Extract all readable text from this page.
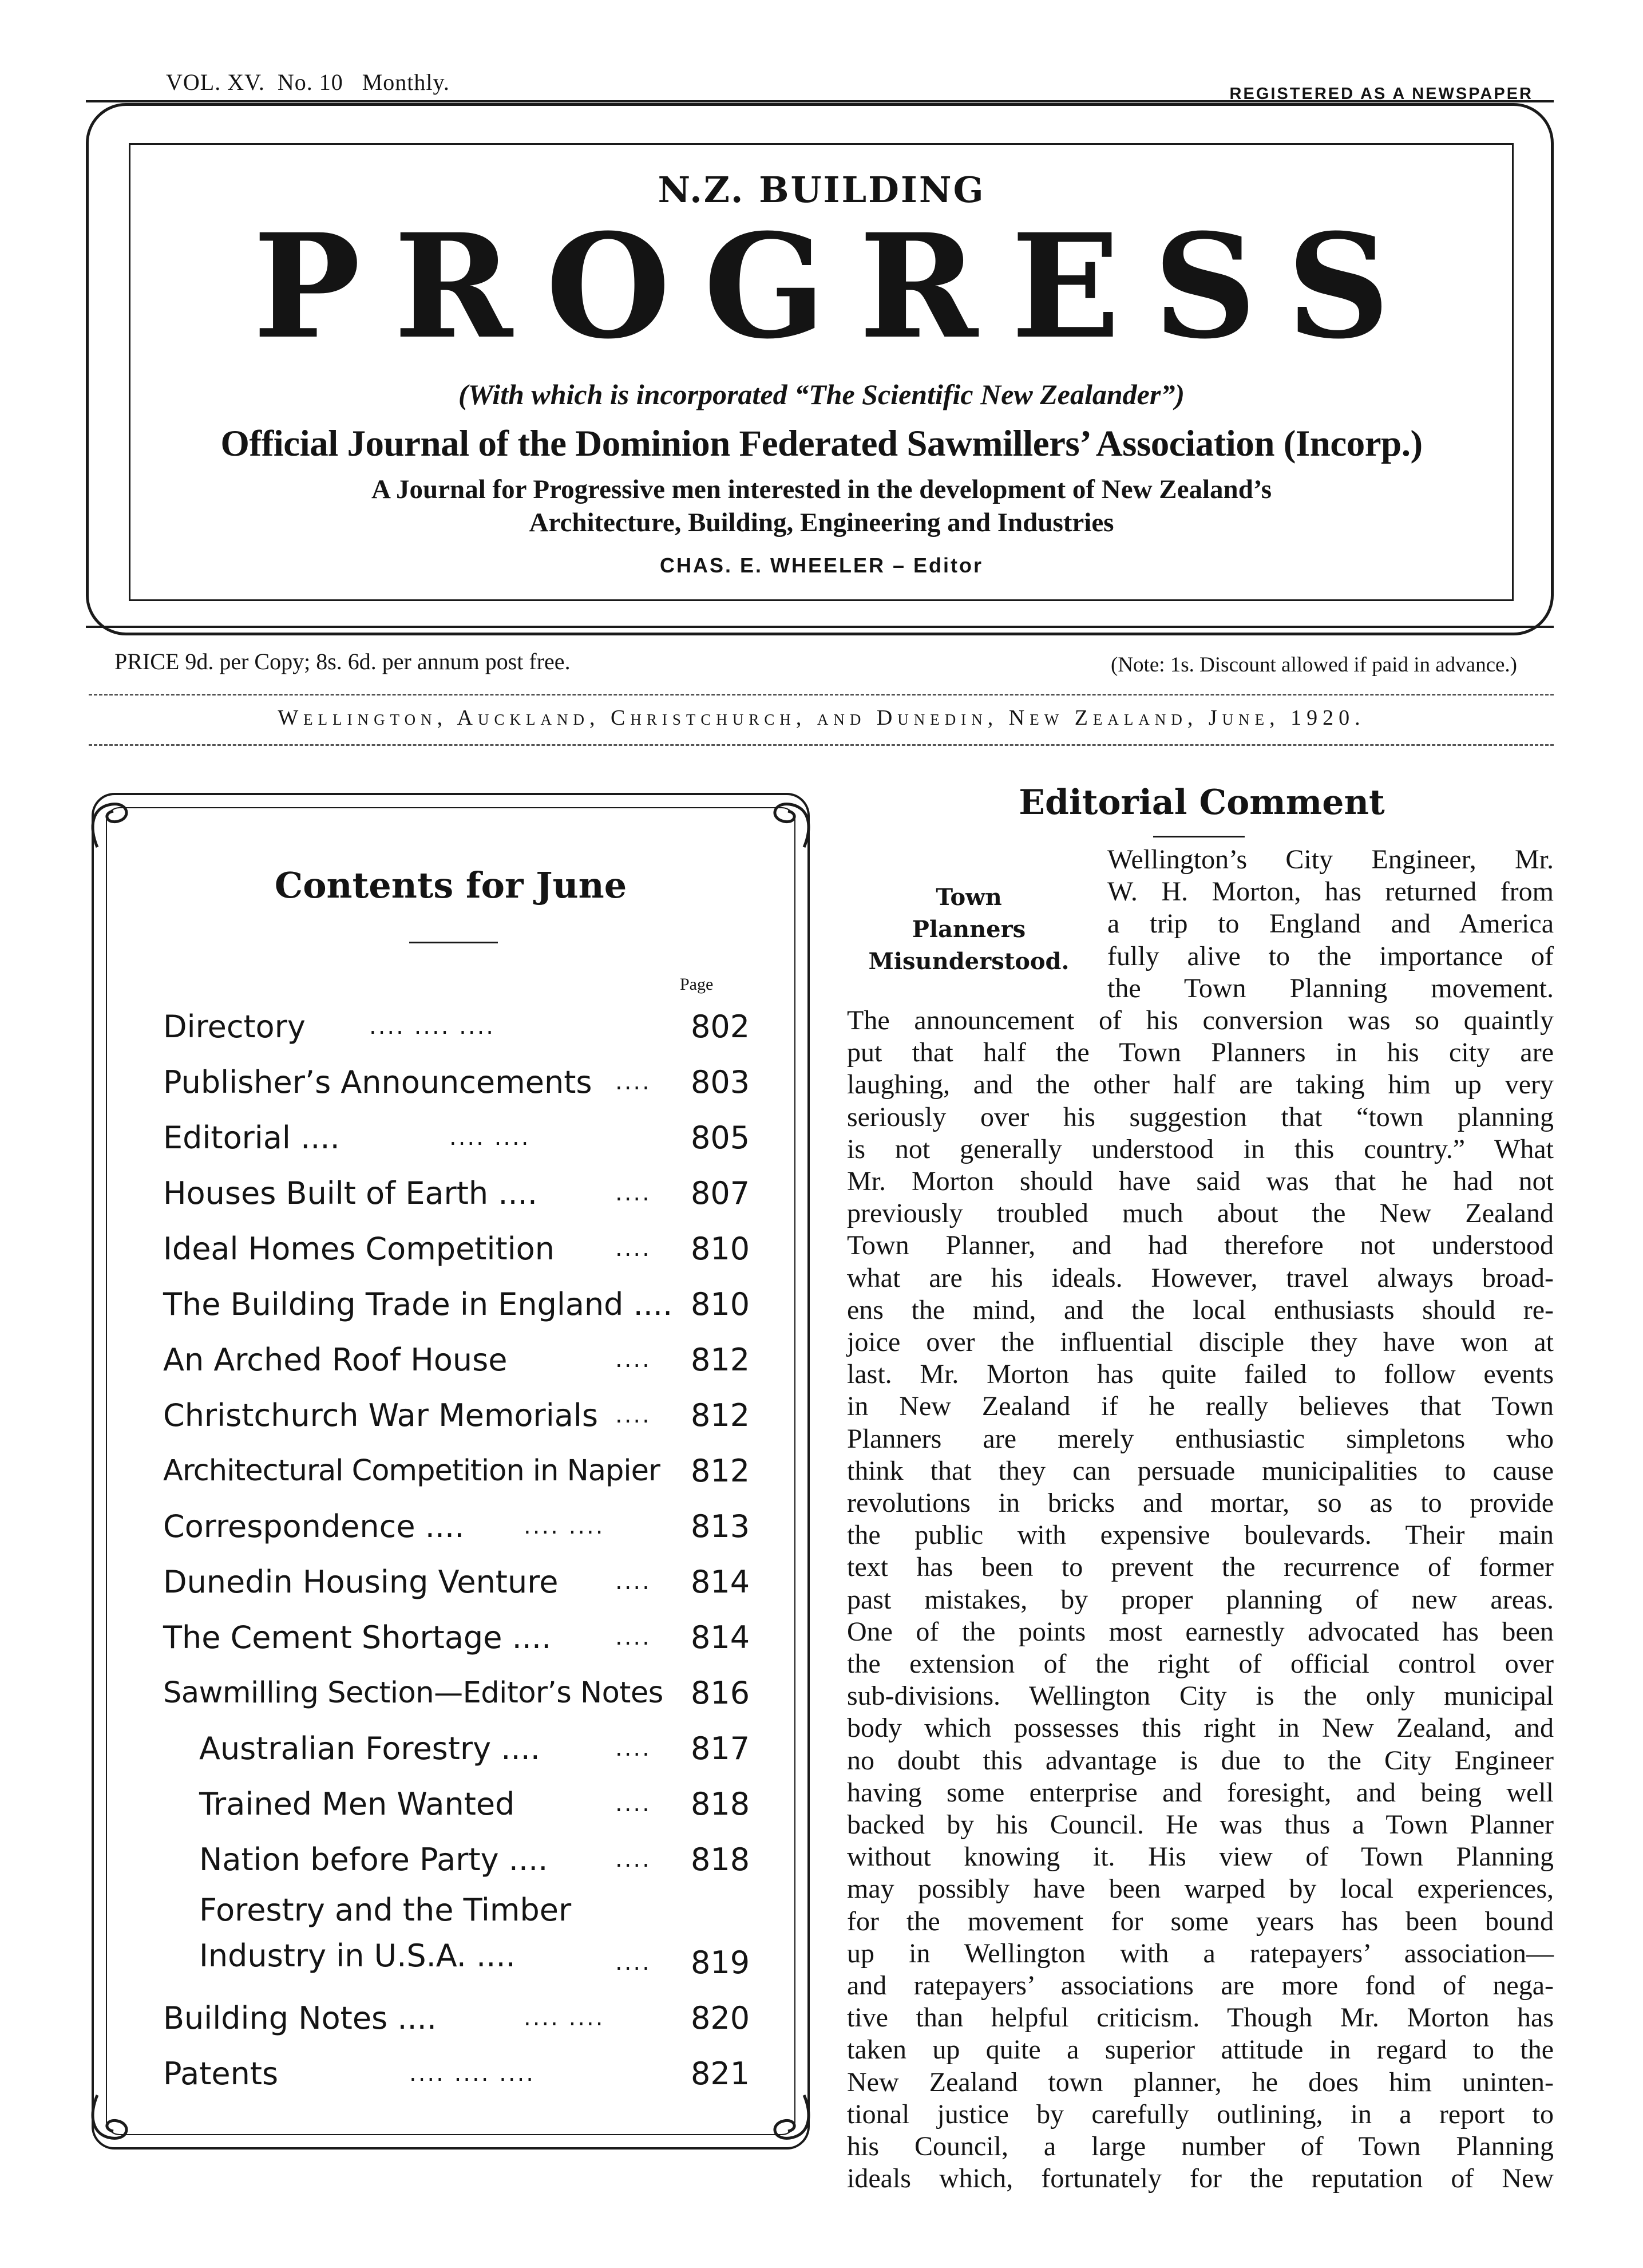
VOL. XV.  No. 10   Monthly.	REGISTERED AS A NEWSPAPER
N.Z. BUILDING
PROGRESS
(With which is incorporated “The Scientific New Zealander”)
Official Journal of the Dominion Federated Sawmillers’ Association (Incorp.)
A Journal for Progressive men interested in the development of New Zealand’s
Architecture, Building, Engineering and Industries
CHAS. E. WHEELER – Editor
PRICE 9d. per Copy; 8s. 6d. per annum post free.	(Note: 1s. Discount allowed if paid in advance.)
Wellington, Auckland, Christchurch, and Dunedin, New Zealand, June, 1920.
Contents for June
Page
Directory	.... .... ....	802
Publisher’s Announcements .... 803
Editorial ....	.... ....	805
Houses Built of Earth ....	.... 807
Ideal Homes Competition	.... 810
The Building Trade in England .... 810
An Arched Roof House	.... 812
Christchurch War Memorials .... 812
Architectural Competition in Napier 812
Correspondence ....	.... ....	813
Dunedin Housing Venture .... 814
The Cement Shortage ....	.... 814
Sawmilling Section—Editor’s Notes 816
Australian Forestry ....	.... 817
Trained Men Wanted	.... 818
Nation before Party ....	.... 818
Forestry and the Timber Industry in U.S.A. ....	.... 819
Building Notes ....	.... ....	820
Patents	.... .... ....	821
Editorial Comment
Town
Planners
Misunderstood.
Wellington’s City Engineer, Mr.
W. H. Morton, has returned from
a trip to England and America
fully alive to the importance of
the Town Planning movement.
The announcement of his conversion was so quaintly
put that half the Town Planners in his city are
laughing, and the other half are taking him up very
seriously over his suggestion that “town planning
is not generally understood in this country.” What
Mr. Morton should have said was that he had not
previously troubled much about the New Zealand
Town Planner, and had therefore not understood
what are his ideals. However, travel always broad-
ens the mind, and the local enthusiasts should re-
joice over the influential disciple they have won at
last. Mr. Morton has quite failed to follow events
in New Zealand if he really believes that Town
Planners are merely enthusiastic simpletons who
think that they can persuade municipalities to cause
revolutions in bricks and mortar, so as to provide
the public with expensive boulevards. Their main
text has been to prevent the recurrence of former
past mistakes, by proper planning of new areas.
One of the points most earnestly advocated has been
the extension of the right of official control over
sub-divisions. Wellington City is the only municipal
body which possesses this right in New Zealand, and
no doubt this advantage is due to the City Engineer
having some enterprise and foresight, and being well
backed by his Council. He was thus a Town Planner
without knowing it. His view of Town Planning
may possibly have been warped by local experiences,
for the movement for some years has been bound
up in Wellington with a ratepayers’ association—
and ratepayers’ associations are more fond of nega-
tive than helpful criticism. Though Mr. Morton has
taken up quite a superior attitude in regard to the
New Zealand town planner, he does him uninten-
tional justice by carefully outlining, in a report to
his Council, a large number of Town Planning
ideals which, fortunately for the reputation of New
